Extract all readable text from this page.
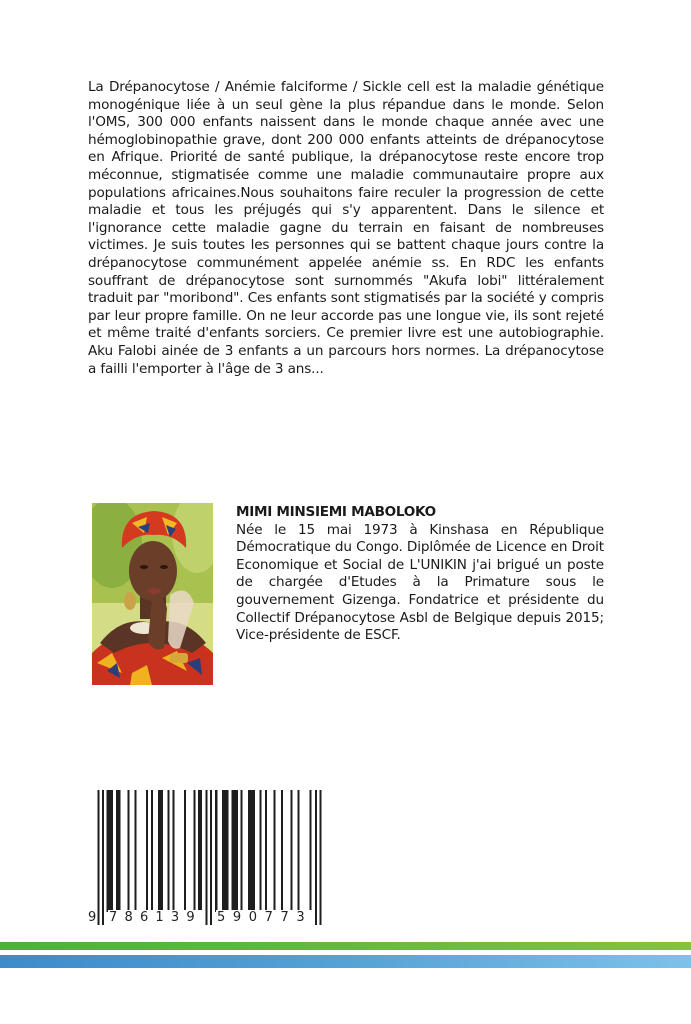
La Drépanocytose / Anémie falciforme / Sickle cell est la maladie génétique monogénique liée à un seul gène la plus répandue dans le monde. Selon l'OMS, 300 000 enfants naissent dans le monde chaque année avec une hémoglobinopathie grave, dont 200 000 enfants atteints de drépanocytose en Afrique. Priorité de santé publique, la drépanocytose reste encore trop méconnue, stigmatisée comme une maladie communautaire propre aux populations africaines.Nous souhaitons faire reculer la progression de cette maladie et tous les préjugés qui s'y apparentent. Dans le silence et l'ignorance cette maladie gagne du terrain en faisant de nombreuses victimes. Je suis toutes les personnes qui se battent chaque jours contre la drépanocytose communément appelée anémie ss. En RDC les enfants souffrant de drépanocytose sont surnommés "Akufa lobi" littéralement traduit par "moribond". Ces enfants sont stigmatisés par la société y compris par leur propre famille. On ne leur accorde pas une longue vie, ils sont rejeté et même traité d'enfants sorciers. Ce premier livre est une autobiographie. Aku Falobi ainée de 3 enfants a un parcours hors normes. La drépanocytose a failli l'emporter à l'âge de 3 ans...
MIMI MINSIEMI MABOLOKO
Née le 15 mai 1973 à Kinshasa en République Démocratique du Congo. Diplômée de Licence en Droit Economique et Social de L'UNIKIN j'ai brigué un poste de chargée d'Etudes à la Primature sous le gouvernement Gizenga. Fondatrice et présidente du Collectif Drépanocytose Asbl de Belgique depuis 2015; Vice-présidente de ESCF.
9 786139 590773
